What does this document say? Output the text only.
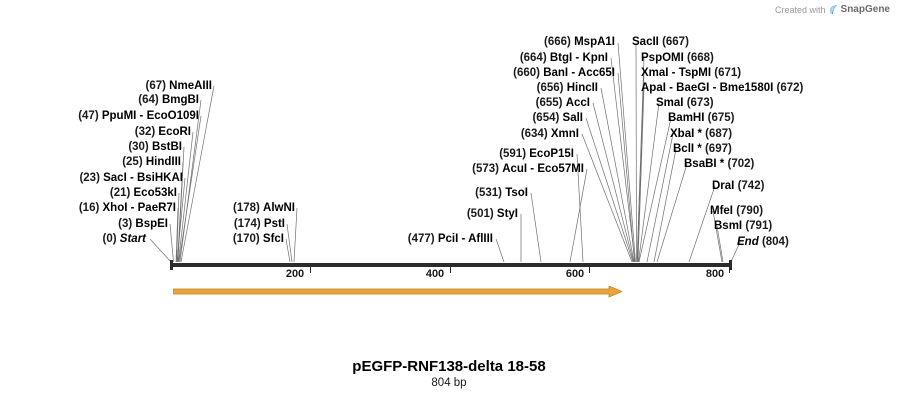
Created with SnapGene
(67) NmeAIII
(64) BmgBI
(47) PpuMI - EcoO109I
(32) EcoRI
(30) BstBI
(25) HindIII
(23) SacI - BsiHKAI
(21) Eco53kI
(16) XhoI - PaeR7I
(3) BspEI
(0) Start
(178) AlwNI
(174) PstI
(170) SfcI
(573) AcuI - Eco57MI
(531) TsoI
(501) StyI
(477) PciI - AflIII
(591) EcoP15I
(634) XmnI
(654) SalI
(655) AccI
(656) HincII
(660) BanI - Acc65I
(664) BtgI - KpnI
(666) MspA1I SacII (667)
PspOMI (668)
XmaI - TspMI (671)
ApaI - BaeGI - Bme1580I (672)
SmaI (673)
BamHI (675)
XbaI * (687)
BclI * (697)
BsaBI * (702)
DraI (742)
MfeI (790)
BsmI (791)
End (804)
200	400	600	800
pEGFP-RNF138-delta 18-58
804 bp
